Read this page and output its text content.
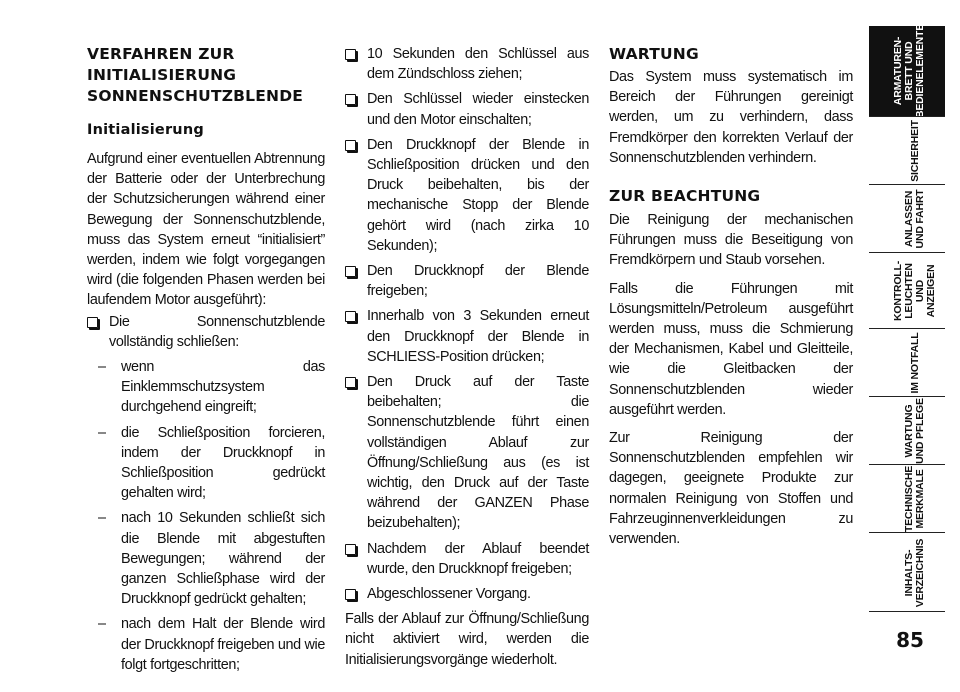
VERFAHREN ZUR INITIALISIERUNG SONNENSCHUTZBLENDE
Initialisierung
Aufgrund einer eventuellen Abtrennung der Batterie oder der Unterbrechung der Schutzsicherungen während einer Bewegung der Sonnenschutzblende, muss das System erneut “initialisiert” werden, indem wie folgt vorgegangen wird (die folgenden Phasen werden bei laufendem Motor ausgeführt):
Die Sonnenschutzblende vollständig schließen:
– wenn das Einklemmschutzsystem durchgehend eingreift;
– die Schließposition forcieren, indem der Druckknopf in Schließposition gedrückt gehalten wird;
– nach 10 Sekunden schließt sich die Blende mit abgestuften Bewegungen; während der ganzen Schließphase wird der Druckknopf gedrückt gehalten;
– nach dem Halt der Blende wird der Druckknopf freigeben und wie folgt fortgeschritten;
10 Sekunden den Schlüssel aus dem Zündschloss ziehen;
Den Schlüssel wieder einstecken und den Motor einschalten;
Den Druckknopf der Blende in Schließposition drücken und den Druck beibehalten, bis der mechanische Stopp der Blende gehört wird (nach zirka 10 Sekunden);
Den Druckknopf der Blende freigeben;
Innerhalb von 3 Sekunden erneut den Druckknopf der Blende in SCHLIESS-Position drücken;
Den Druck auf der Taste beibehalten; die Sonnenschutzblende führt einen vollständigen Ablauf zur Öffnung/Schließung aus (es ist wichtig, den Druck auf der Taste während der GANZEN Phase beizubehalten);
Nachdem der Ablauf beendet wurde, den Druckknopf freigeben;
Abgeschlossener Vorgang.
Falls der Ablauf zur Öffnung/Schließung nicht aktiviert wird, werden die Initialisierungsvorgänge wiederholt.
WARTUNG
Das System muss systematisch im Bereich der Führungen gereinigt werden, um zu verhindern, dass Fremdkörper den korrekten Verlauf der Sonnenschutzblenden verhindern.
ZUR BEACHTUNG
Die Reinigung der mechanischen Führungen muss die Beseitigung von Fremdkörpern und Staub vorsehen.
Falls die Führungen mit Lösungsmitteln/Petroleum ausgeführt werden muss, muss die Schmierung der Mechanismen, Kabel und Gleitteile, wie die Gleitbacken der Sonnenschutzblenden wieder ausgeführt werden.
Zur Reinigung der Sonnenschutzblenden empfehlen wir dagegen, geeignete Produkte zur normalen Reinigung von Stoffen und Fahrzeuginnenverkleidungen zu verwenden.
ARMATUREN-
BRETT UND
BEDIENELEMENTE
SICHERHEIT
ANLASSEN
UND FAHRT
KONTROLL-
LEUCHTEN
UND ANZEIGEN
IM NOTFALL
WARTUNG
UND PFLEGE
TECHNISCHE
MERKMALE
INHALTS-
VERZEICHNIS
85
